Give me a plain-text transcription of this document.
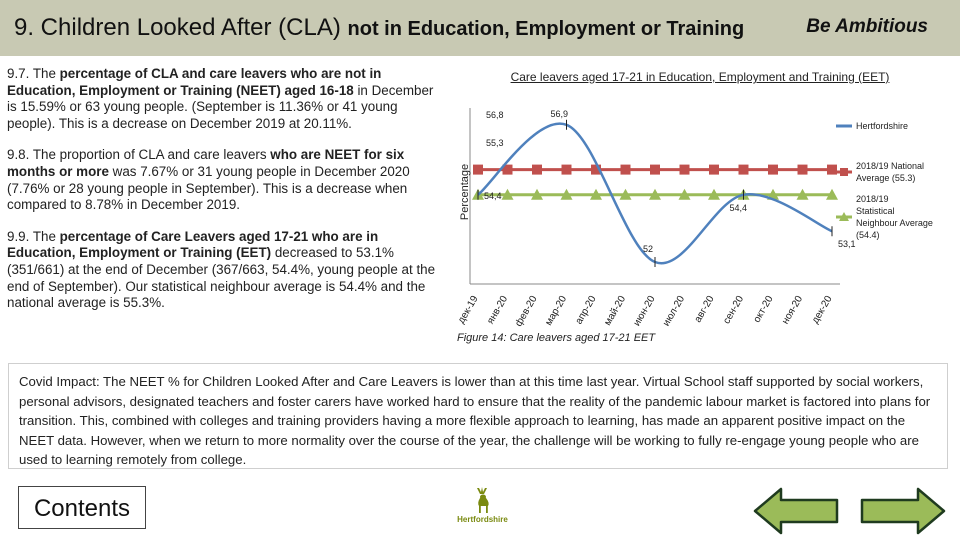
9. Children Looked After (CLA) not in Education, Employment or Training	Be Ambitious

9.7. The percentage of CLA and care leavers who are not in Education, Employment or Training (NEET) aged 16-18 in December is 15.59% or 63 young people. (September is 11.36% or 41 young people). This is a decrease on December 2019 at 20.11%.

9.8. The proportion of CLA and care leavers who are NEET for six months or more was 7.67% or 31 young people in December 2020 (7.76% or 28 young people in September). This is a decrease when compared to 8.78% in December 2019.

9.9. The percentage of Care Leavers aged 17-21 who are in Education, Employment or Training (EET) decreased to 53.1% (351/661) at the end of December (367/663, 54.4%, young people at the end of September). Our statistical neighbour average is 54.4% and the national average is 55.3%.

Care leavers aged 17-21 in Education, Employment and Training (EET)
Percentage
дек-19 янв-20 фев-20 мар-20 апр-20 май-20 июн-20 июл-20 авг-20 сен-20 окт-20 ноя-20 дек-20
54,4
56,9
52
54,4
53,1
56,8
55,3
Hertfordshire
2018/19 National Average (55.3)
2018/19 Statistical Neighbour Average (54.4)
Figure 14: Care leavers aged 17-21 EET
Covid Impact: The NEET % for Children Looked After and Care Leavers is lower than at this time last year. Virtual School staff supported by social workers, personal advisors, designated teachers and foster carers have worked hard to ensure that the reality of the pandemic labour market is factored into plans for transition. This, combined with colleges and training providers having a more flexible approach to learning, has made an apparent positive impact on the NEET data. However, when we return to more normality over the course of the year, the challenge will be working to fully re-engage young people who are used to learning remotely from college.
Contents	Hertfordshire
